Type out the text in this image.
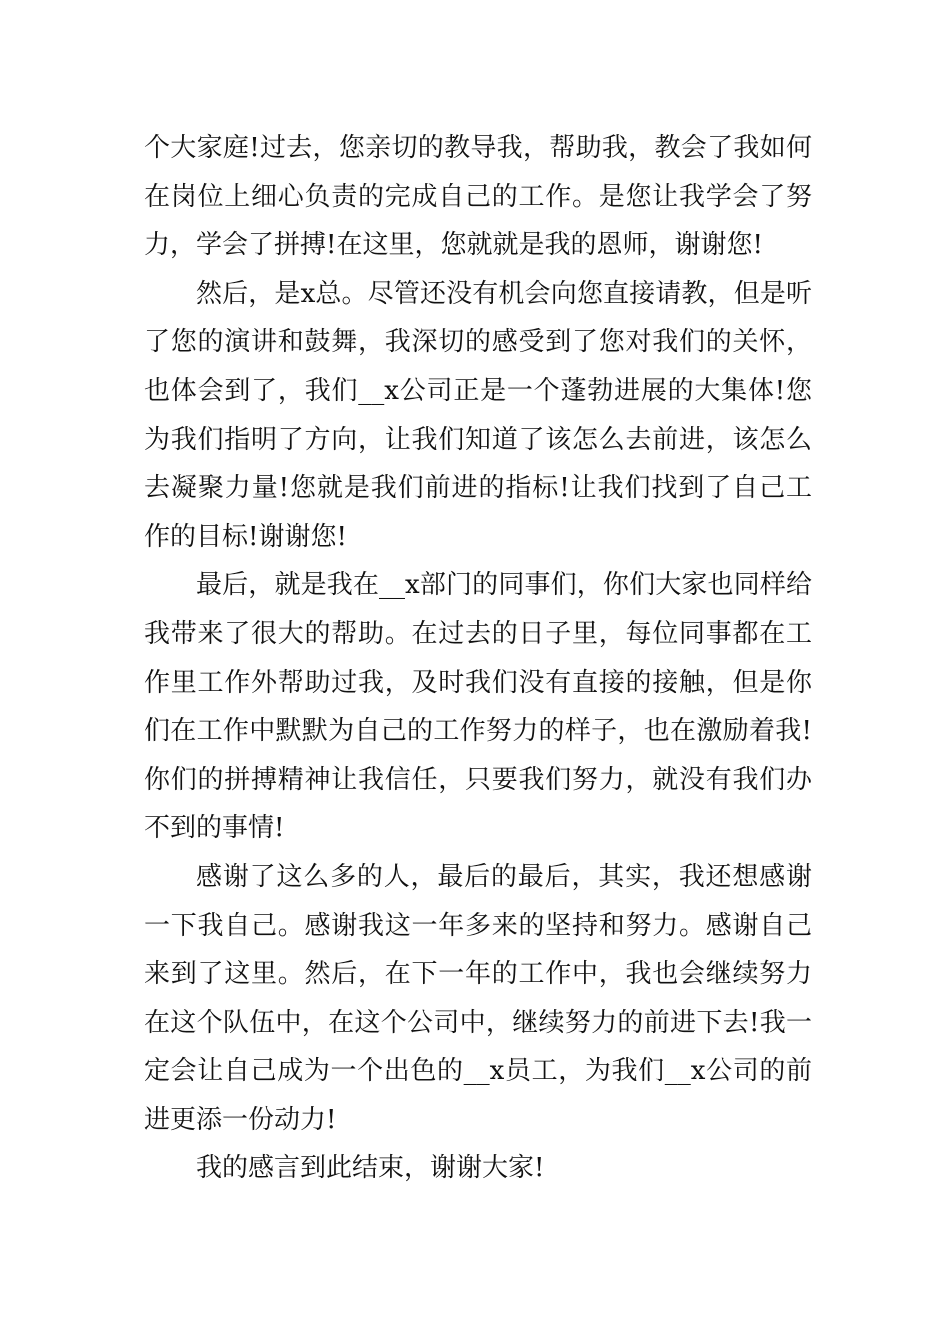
个大家庭!过去，您亲切的教导我，帮助我，教会了我如何在岗位上细心负责的完成自己的工作。是您让我学会了努力，学会了拼搏!在这里，您就就是我的恩师，谢谢您!

然后，是x总。尽管还没有机会向您直接请教，但是听了您的演讲和鼓舞，我深切的感受到了您对我们的关怀，也体会到了，我们__x公司正是一个蓬勃进展的大集体!您为我们指明了方向，让我们知道了该怎么去前进，该怎么去凝聚力量!您就是我们前进的指标!让我们找到了自己工作的目标!谢谢您!

最后，就是我在__x部门的同事们，你们大家也同样给我带来了很大的帮助。在过去的日子里，每位同事都在工作里工作外帮助过我，及时我们没有直接的接触，但是你们在工作中默默为自己的工作努力的样子，也在激励着我!你们的拼搏精神让我信任，只要我们努力，就没有我们办不到的事情!

感谢了这么多的人，最后的最后，其实，我还想感谢一下我自己。感谢我这一年多来的坚持和努力。感谢自己来到了这里。然后，在下一年的工作中，我也会继续努力在这个队伍中，在这个公司中，继续努力的前进下去!我一定会让自己成为一个出色的__x员工，为我们__x公司的前进更添一份动力!

我的感言到此结束，谢谢大家!
